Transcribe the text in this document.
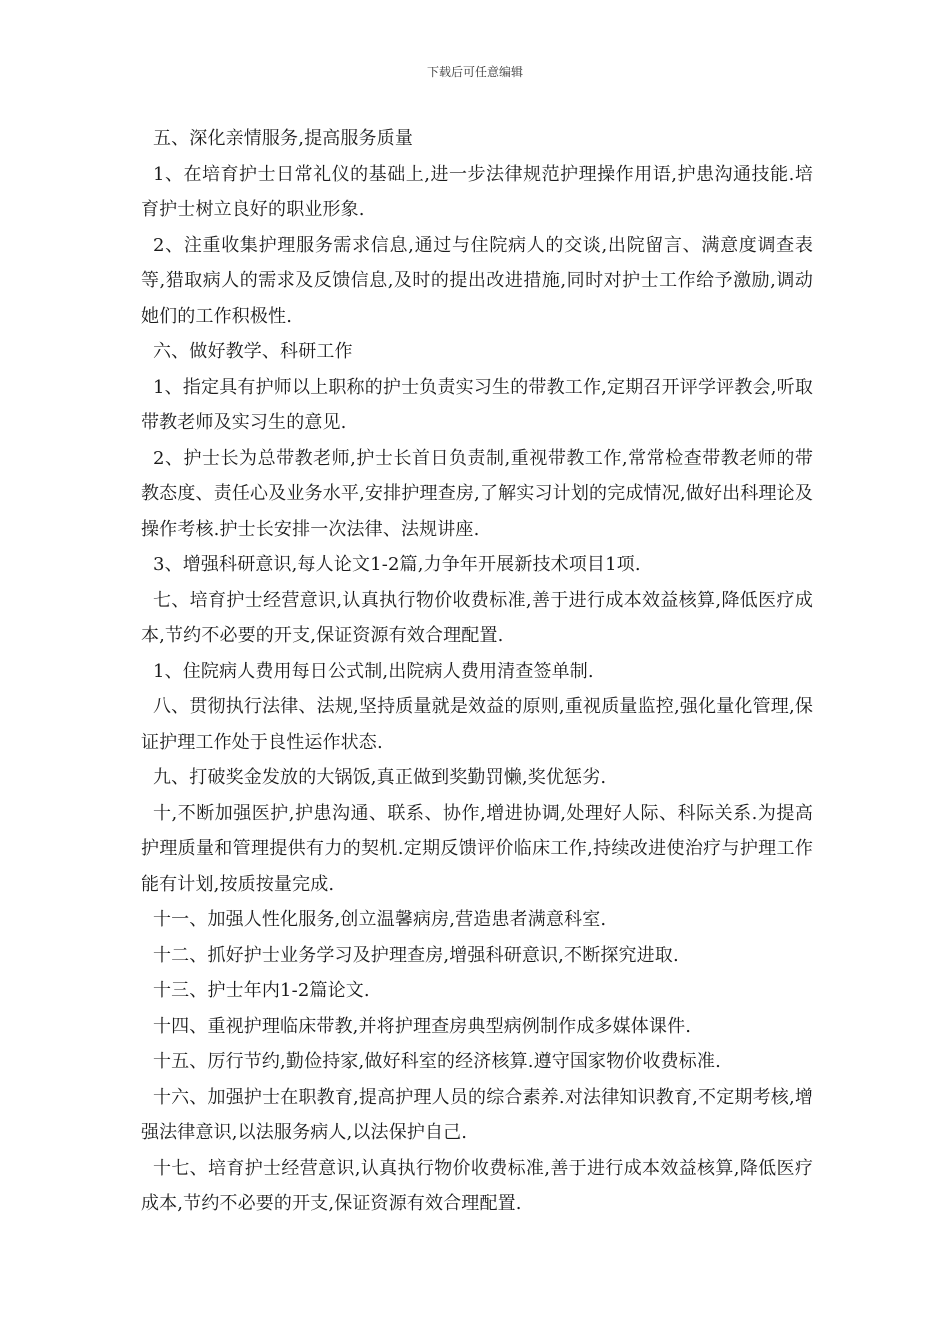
下载后可任意编辑

五、深化亲情服务,提高服务质量

1、在培育护士日常礼仪的基础上,进一步法律规范护理操作用语,护患沟通技能.培育护士树立良好的职业形象.

2、注重收集护理服务需求信息,通过与住院病人的交谈,出院留言、满意度调查表等,猎取病人的需求及反馈信息,及时的提出改进措施,同时对护士工作给予激励,调动她们的工作积极性.

六、做好教学、科研工作

1、指定具有护师以上职称的护士负责实习生的带教工作,定期召开评学评教会,听取带教老师及实习生的意见.

2、护士长为总带教老师,护士长首日负责制,重视带教工作,常常检查带教老师的带教态度、责任心及业务水平,安排护理查房,了解实习计划的完成情况,做好出科理论及操作考核.护士长安排一次法律、法规讲座.

3、增强科研意识,每人论文1-2篇,力争年开展新技术项目1项.

七、培育护士经营意识,认真执行物价收费标准,善于进行成本效益核算,降低医疗成本,节约不必要的开支,保证资源有效合理配置.

1、住院病人费用每日公式制,出院病人费用清查签单制.

八、贯彻执行法律、法规,坚持质量就是效益的原则,重视质量监控,强化量化管理,保证护理工作处于良性运作状态.

九、打破奖金发放的大锅饭,真正做到奖勤罚懒,奖优惩劣.

十,不断加强医护,护患沟通、联系、协作,增进协调,处理好人际、科际关系.为提高护理质量和管理提供有力的契机.定期反馈评价临床工作,持续改进使治疗与护理工作能有计划,按质按量完成.

十一、加强人性化服务,创立温馨病房,营造患者满意科室.

十二、抓好护士业务学习及护理查房,增强科研意识,不断探究进取.

十三、护士年内1-2篇论文.

十四、重视护理临床带教,并将护理查房典型病例制作成多媒体课件.

十五、厉行节约,勤俭持家,做好科室的经济核算.遵守国家物价收费标准.

十六、加强护士在职教育,提高护理人员的综合素养.对法律知识教育,不定期考核,增强法律意识,以法服务病人,以法保护自己.

十七、培育护士经营意识,认真执行物价收费标准,善于进行成本效益核算,降低医疗成本,节约不必要的开支,保证资源有效合理配置.
